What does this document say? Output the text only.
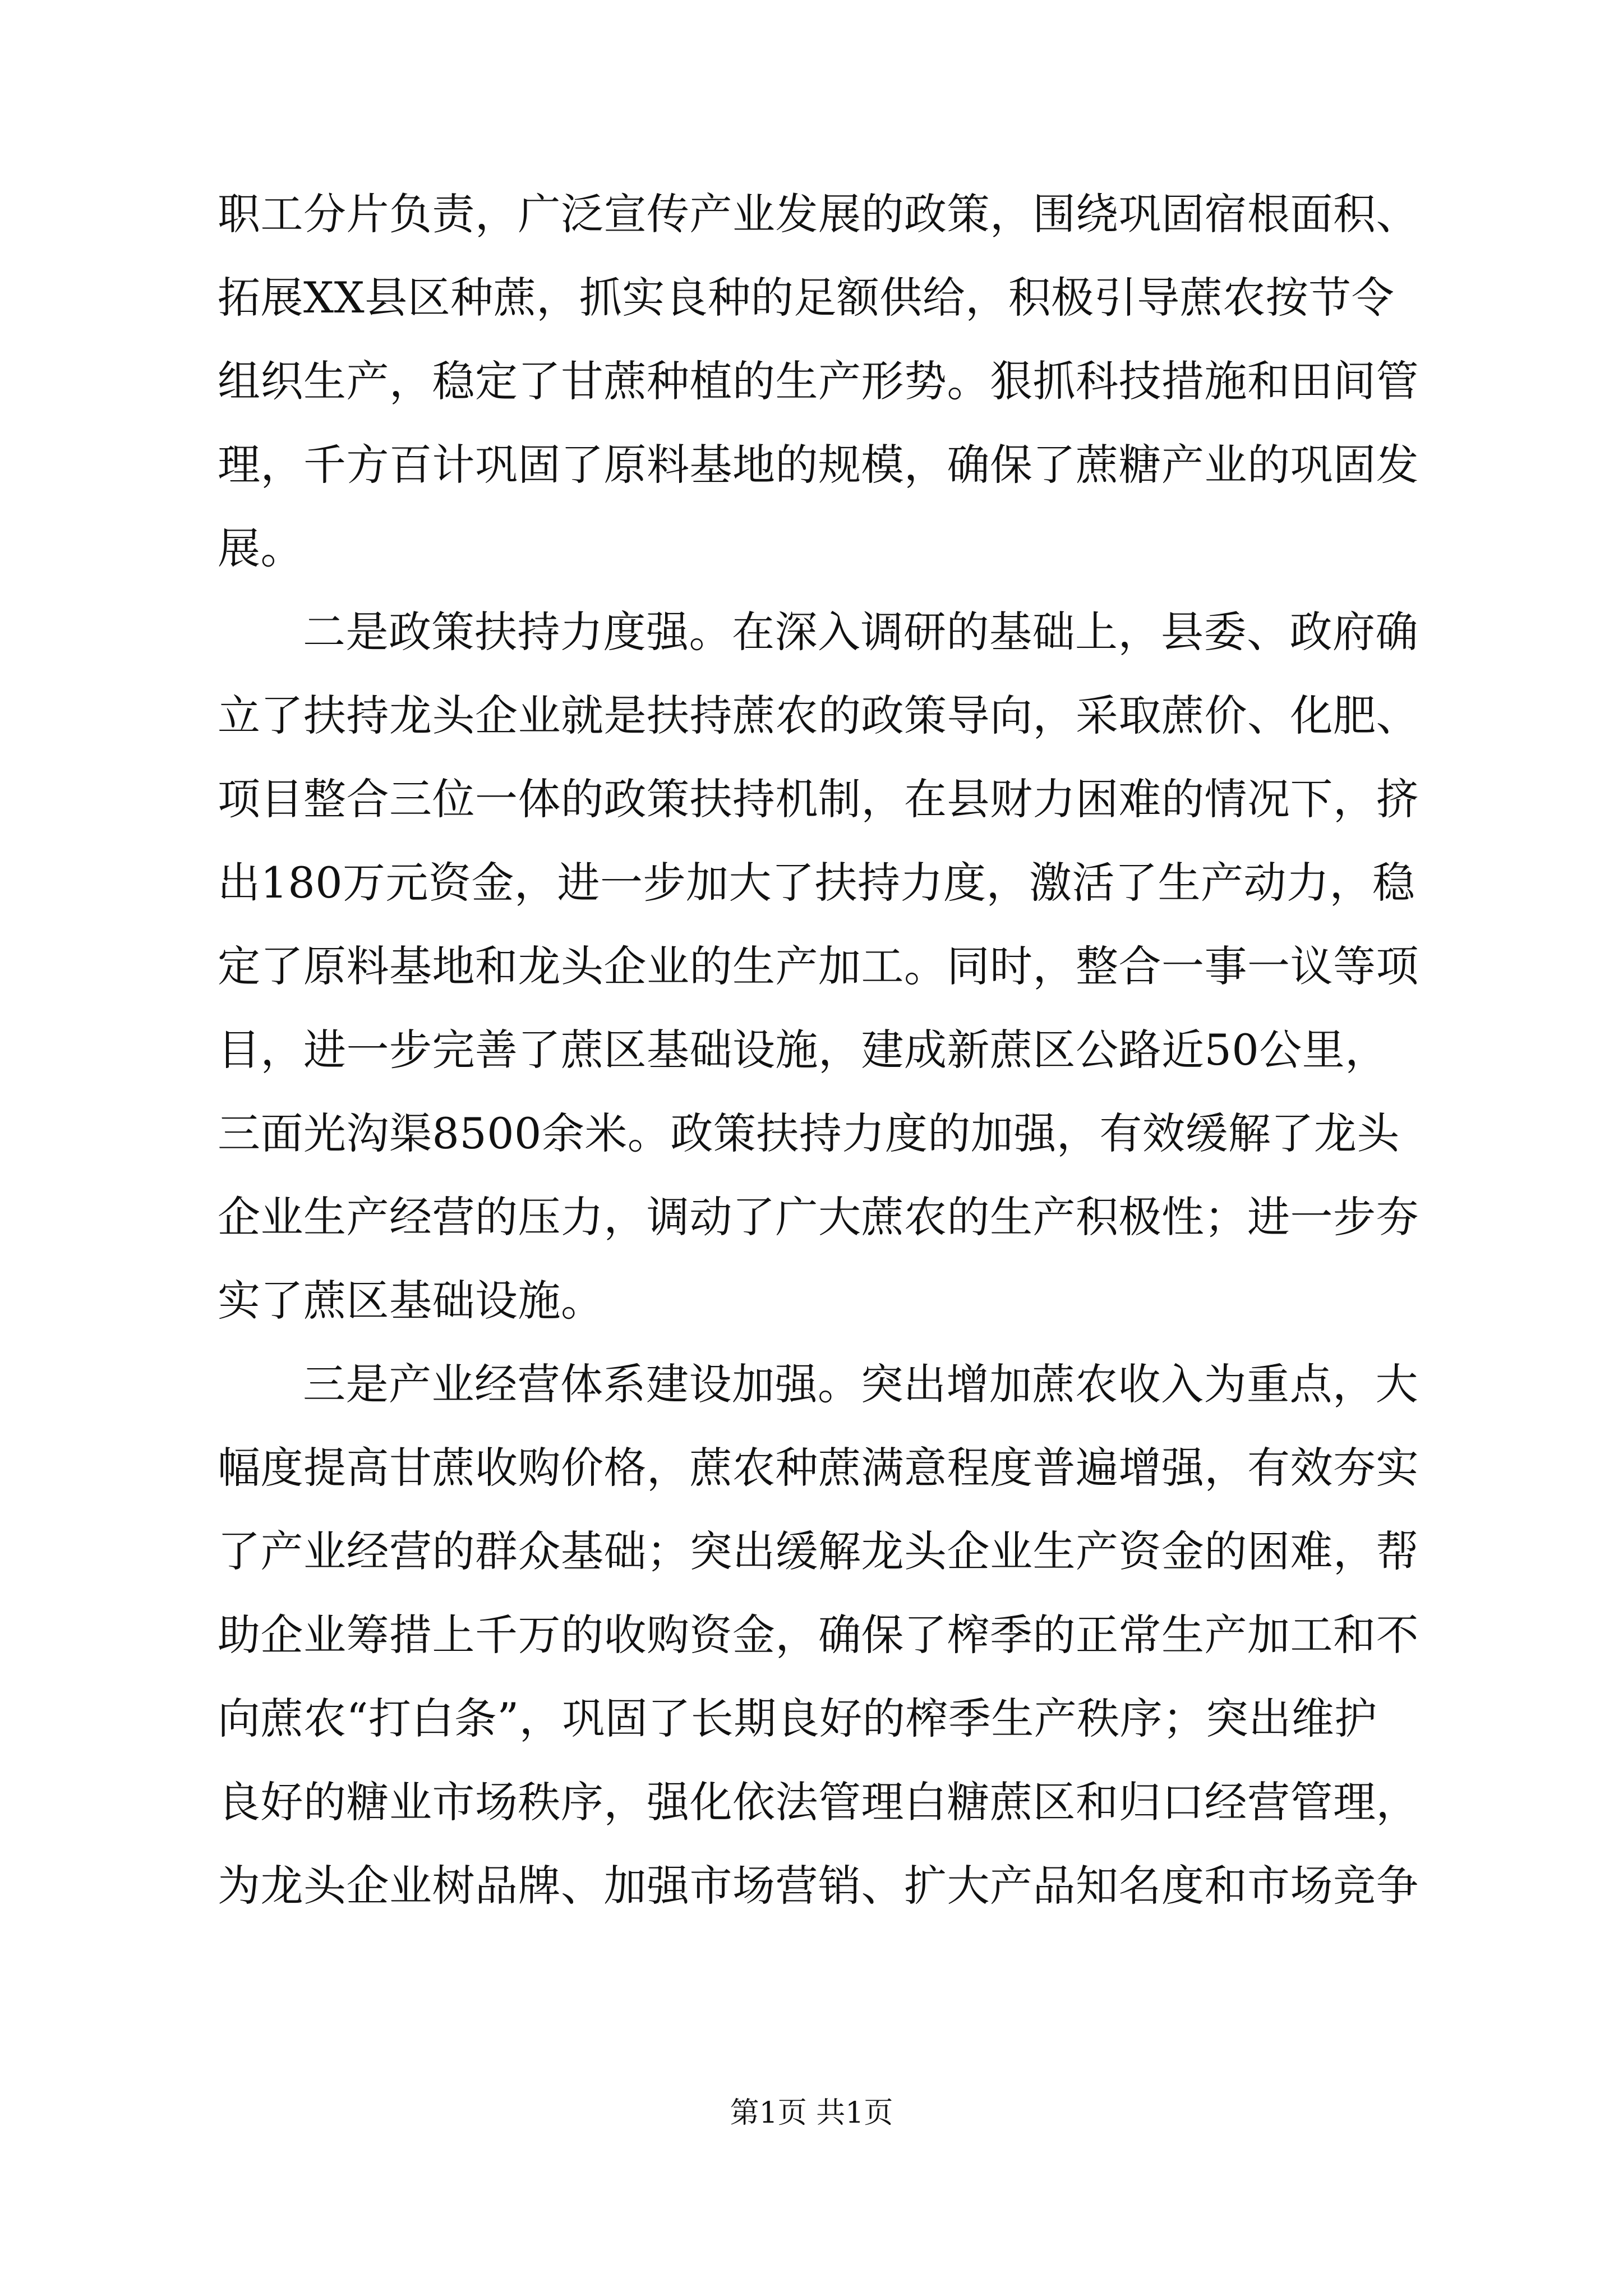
职工分片负责，广泛宣传产业发展的政策，围绕巩固宿根面积、
拓展XX县区种蔗，抓实良种的足额供给，积极引导蔗农按节令
组织生产，稳定了甘蔗种植的生产形势。狠抓科技措施和田间管
理，千方百计巩固了原料基地的规模，确保了蔗糖产业的巩固发
展。
二是政策扶持力度强。在深入调研的基础上，县委、政府确
立了扶持龙头企业就是扶持蔗农的政策导向，采取蔗价、化肥、
项目整合三位一体的政策扶持机制，在县财力困难的情况下，挤
出180万元资金，进一步加大了扶持力度，激活了生产动力，稳
定了原料基地和龙头企业的生产加工。同时，整合一事一议等项
目，进一步完善了蔗区基础设施，建成新蔗区公路近50公里，
三面光沟渠8500余米。政策扶持力度的加强，有效缓解了龙头
企业生产经营的压力，调动了广大蔗农的生产积极性；进一步夯
实了蔗区基础设施。
三是产业经营体系建设加强。突出增加蔗农收入为重点，大
幅度提高甘蔗收购价格，蔗农种蔗满意程度普遍增强，有效夯实
了产业经营的群众基础；突出缓解龙头企业生产资金的困难，帮
助企业筹措上千万的收购资金，确保了榨季的正常生产加工和不
向蔗农“打白条”，巩固了长期良好的榨季生产秩序；突出维护
良好的糖业市场秩序，强化依法管理白糖蔗区和归口经营管理，
为龙头企业树品牌、加强市场营销、扩大产品知名度和市场竞争
第1页 共1页
